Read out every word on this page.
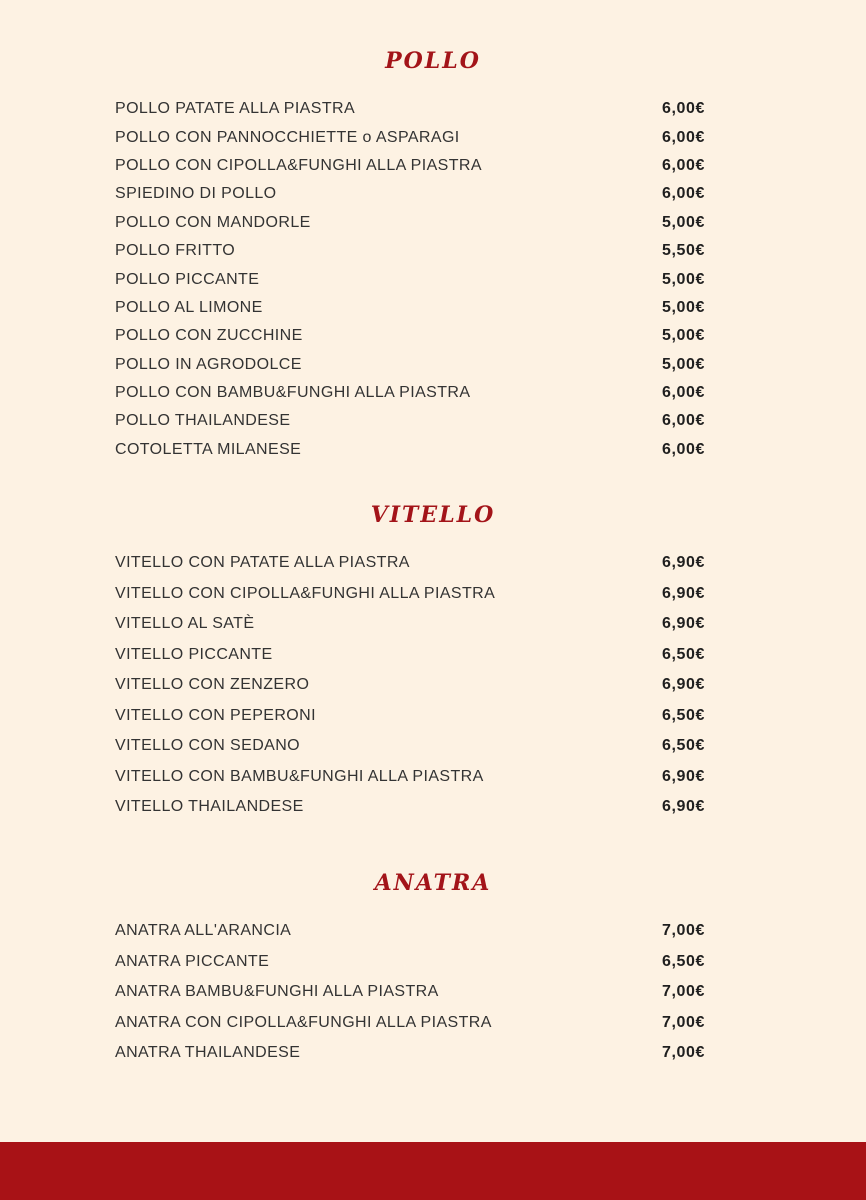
POLLO
POLLO PATATE ALLA PIASTRA	6,00€
POLLO CON PANNOCCHIETTE o ASPARAGI	6,00€
POLLO CON CIPOLLA&FUNGHI ALLA PIASTRA	6,00€
SPIEDINO DI POLLO	6,00€
POLLO CON MANDORLE	5,00€
POLLO FRITTO	5,50€
POLLO PICCANTE	5,00€
POLLO AL LIMONE	5,00€
POLLO CON ZUCCHINE	5,00€
POLLO IN AGRODOLCE	5,00€
POLLO CON BAMBU&FUNGHI ALLA PIASTRA	6,00€
POLLO THAILANDESE	6,00€
COTOLETTA MILANESE	6,00€
VITELLO
VITELLO CON PATATE ALLA PIASTRA	6,90€
VITELLO CON CIPOLLA&FUNGHI ALLA PIASTRA	6,90€
VITELLO AL SATÈ	6,90€
VITELLO PICCANTE	6,50€
VITELLO CON ZENZERO	6,90€
VITELLO CON PEPERONI	6,50€
VITELLO CON SEDANO	6,50€
VITELLO CON BAMBU&FUNGHI ALLA PIASTRA	6,90€
VITELLO THAILANDESE	6,90€
ANATRA
ANATRA ALL'ARANCIA	7,00€
ANATRA PICCANTE	6,50€
ANATRA BAMBU&FUNGHI ALLA PIASTRA	7,00€
ANATRA CON CIPOLLA&FUNGHI ALLA PIASTRA	7,00€
ANATRA THAILANDESE	7,00€
